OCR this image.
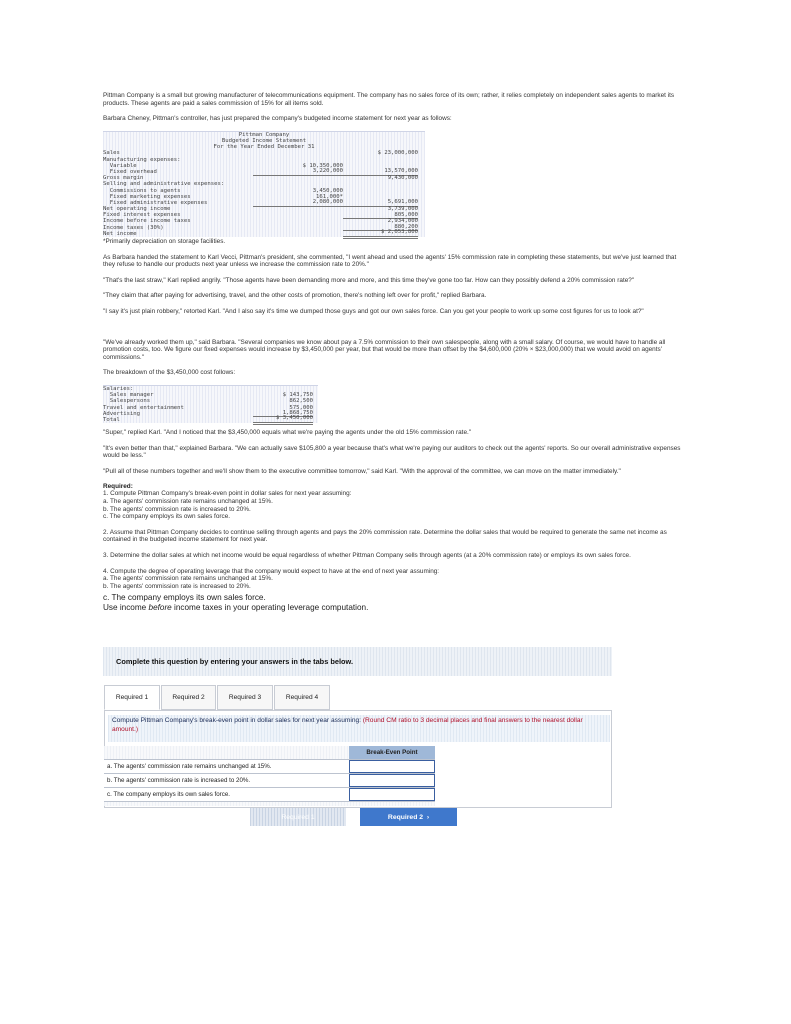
Pittman Company is a small but growing manufacturer of telecommunications equipment. The company has no sales force of its own; rather, it relies completely on independent sales agents to market its products. These agents are paid a sales commission of 15% for all items sold.

Barbara Cheney, Pittman's controller, has just prepared the company's budgeted income statement for next year as follows:

Pittman Company
Budgeted Income Statement
For the Year Ended December 31
Sales	$ 23,000,000
Manufacturing expenses:
Variable	$ 10,350,000
Fixed overhead	3,220,000	13,570,000
Gross margin	9,430,000
Selling and administrative expenses:
Commissions to agents	3,450,000
Fixed marketing expenses	161,000*
Fixed administrative expenses	2,080,000	5,691,000
Net operating income	3,739,000
Fixed interest expenses	805,000
Income before income taxes	2,934,000
Income taxes (30%)	880,200
Net income	$ 2,053,800

*Primarily depreciation on storage facilities.

As Barbara handed the statement to Karl Vecci, Pittman's president, she commented, "I went ahead and used the agents' 15% commission rate in completing these statements, but we've just learned that they refuse to handle our products next year unless we increase the commission rate to 20%."

"That's the last straw," Karl replied angrily. "Those agents have been demanding more and more, and this time they've gone too far. How can they possibly defend a 20% commission rate?"

"They claim that after paying for advertising, travel, and the other costs of promotion, there's nothing left over for profit," replied Barbara.

"I say it's just plain robbery," retorted Karl. "And I also say it's time we dumped those guys and got our own sales force. Can you get your people to work up some cost figures for us to look at?"

"We've already worked them up," said Barbara. "Several companies we know about pay a 7.5% commission to their own salespeople, along with a small salary. Of course, we would have to handle all promotion costs, too. We figure our fixed expenses would increase by $3,450,000 per year, but that would be more than offset by the $4,600,000 (20% × $23,000,000) that we would avoid on agents' commissions."

The breakdown of the $3,450,000 cost follows:

Salaries:
Sales manager	$ 143,750
Salespersons	862,500
Travel and entertainment	575,000
Advertising	1,868,750
Total	$ 3,450,000

"Super," replied Karl. "And I noticed that the $3,450,000 equals what we're paying the agents under the old 15% commission rate."

"It's even better than that," explained Barbara. "We can actually save $105,800 a year because that's what we're paying our auditors to check out the agents' reports. So our overall administrative expenses would be less."

"Pull all of these numbers together and we'll show them to the executive committee tomorrow," said Karl. "With the approval of the committee, we can move on the matter immediately."

Required:

1. Compute Pittman Company's break-even point in dollar sales for next year assuming:
a. The agents' commission rate remains unchanged at 15%.
b. The agents' commission rate is increased to 20%.
c. The company employs its own sales force.

2. Assume that Pittman Company decides to continue selling through agents and pays the 20% commission rate. Determine the dollar sales that would be required to generate the same net income as contained in the budgeted income statement for next year.

3. Determine the dollar sales at which net income would be equal regardless of whether Pittman Company sells through agents (at a 20% commission rate) or employs its own sales force.

4. Compute the degree of operating leverage that the company would expect to have at the end of next year assuming:
a. The agents' commission rate remains unchanged at 15%.
b. The agents' commission rate is increased to 20%.

c. The company employs its own sales force.

Use income before income taxes in your operating leverage computation.

Complete this question by entering your answers in the tabs below.
Required 1	Required 2	Required 3	Required 4
Compute Pittman Company's break-even point in dollar sales for next year assuming: (Round CM ratio to 3 decimal places and final answers to the nearest dollar amount.)
Break-Even Point
a. The agents' commission rate remains unchanged at 15%.
b. The agents' commission rate is increased to 20%.
c. The company employs its own sales force.
Required 1	Required 2
›
